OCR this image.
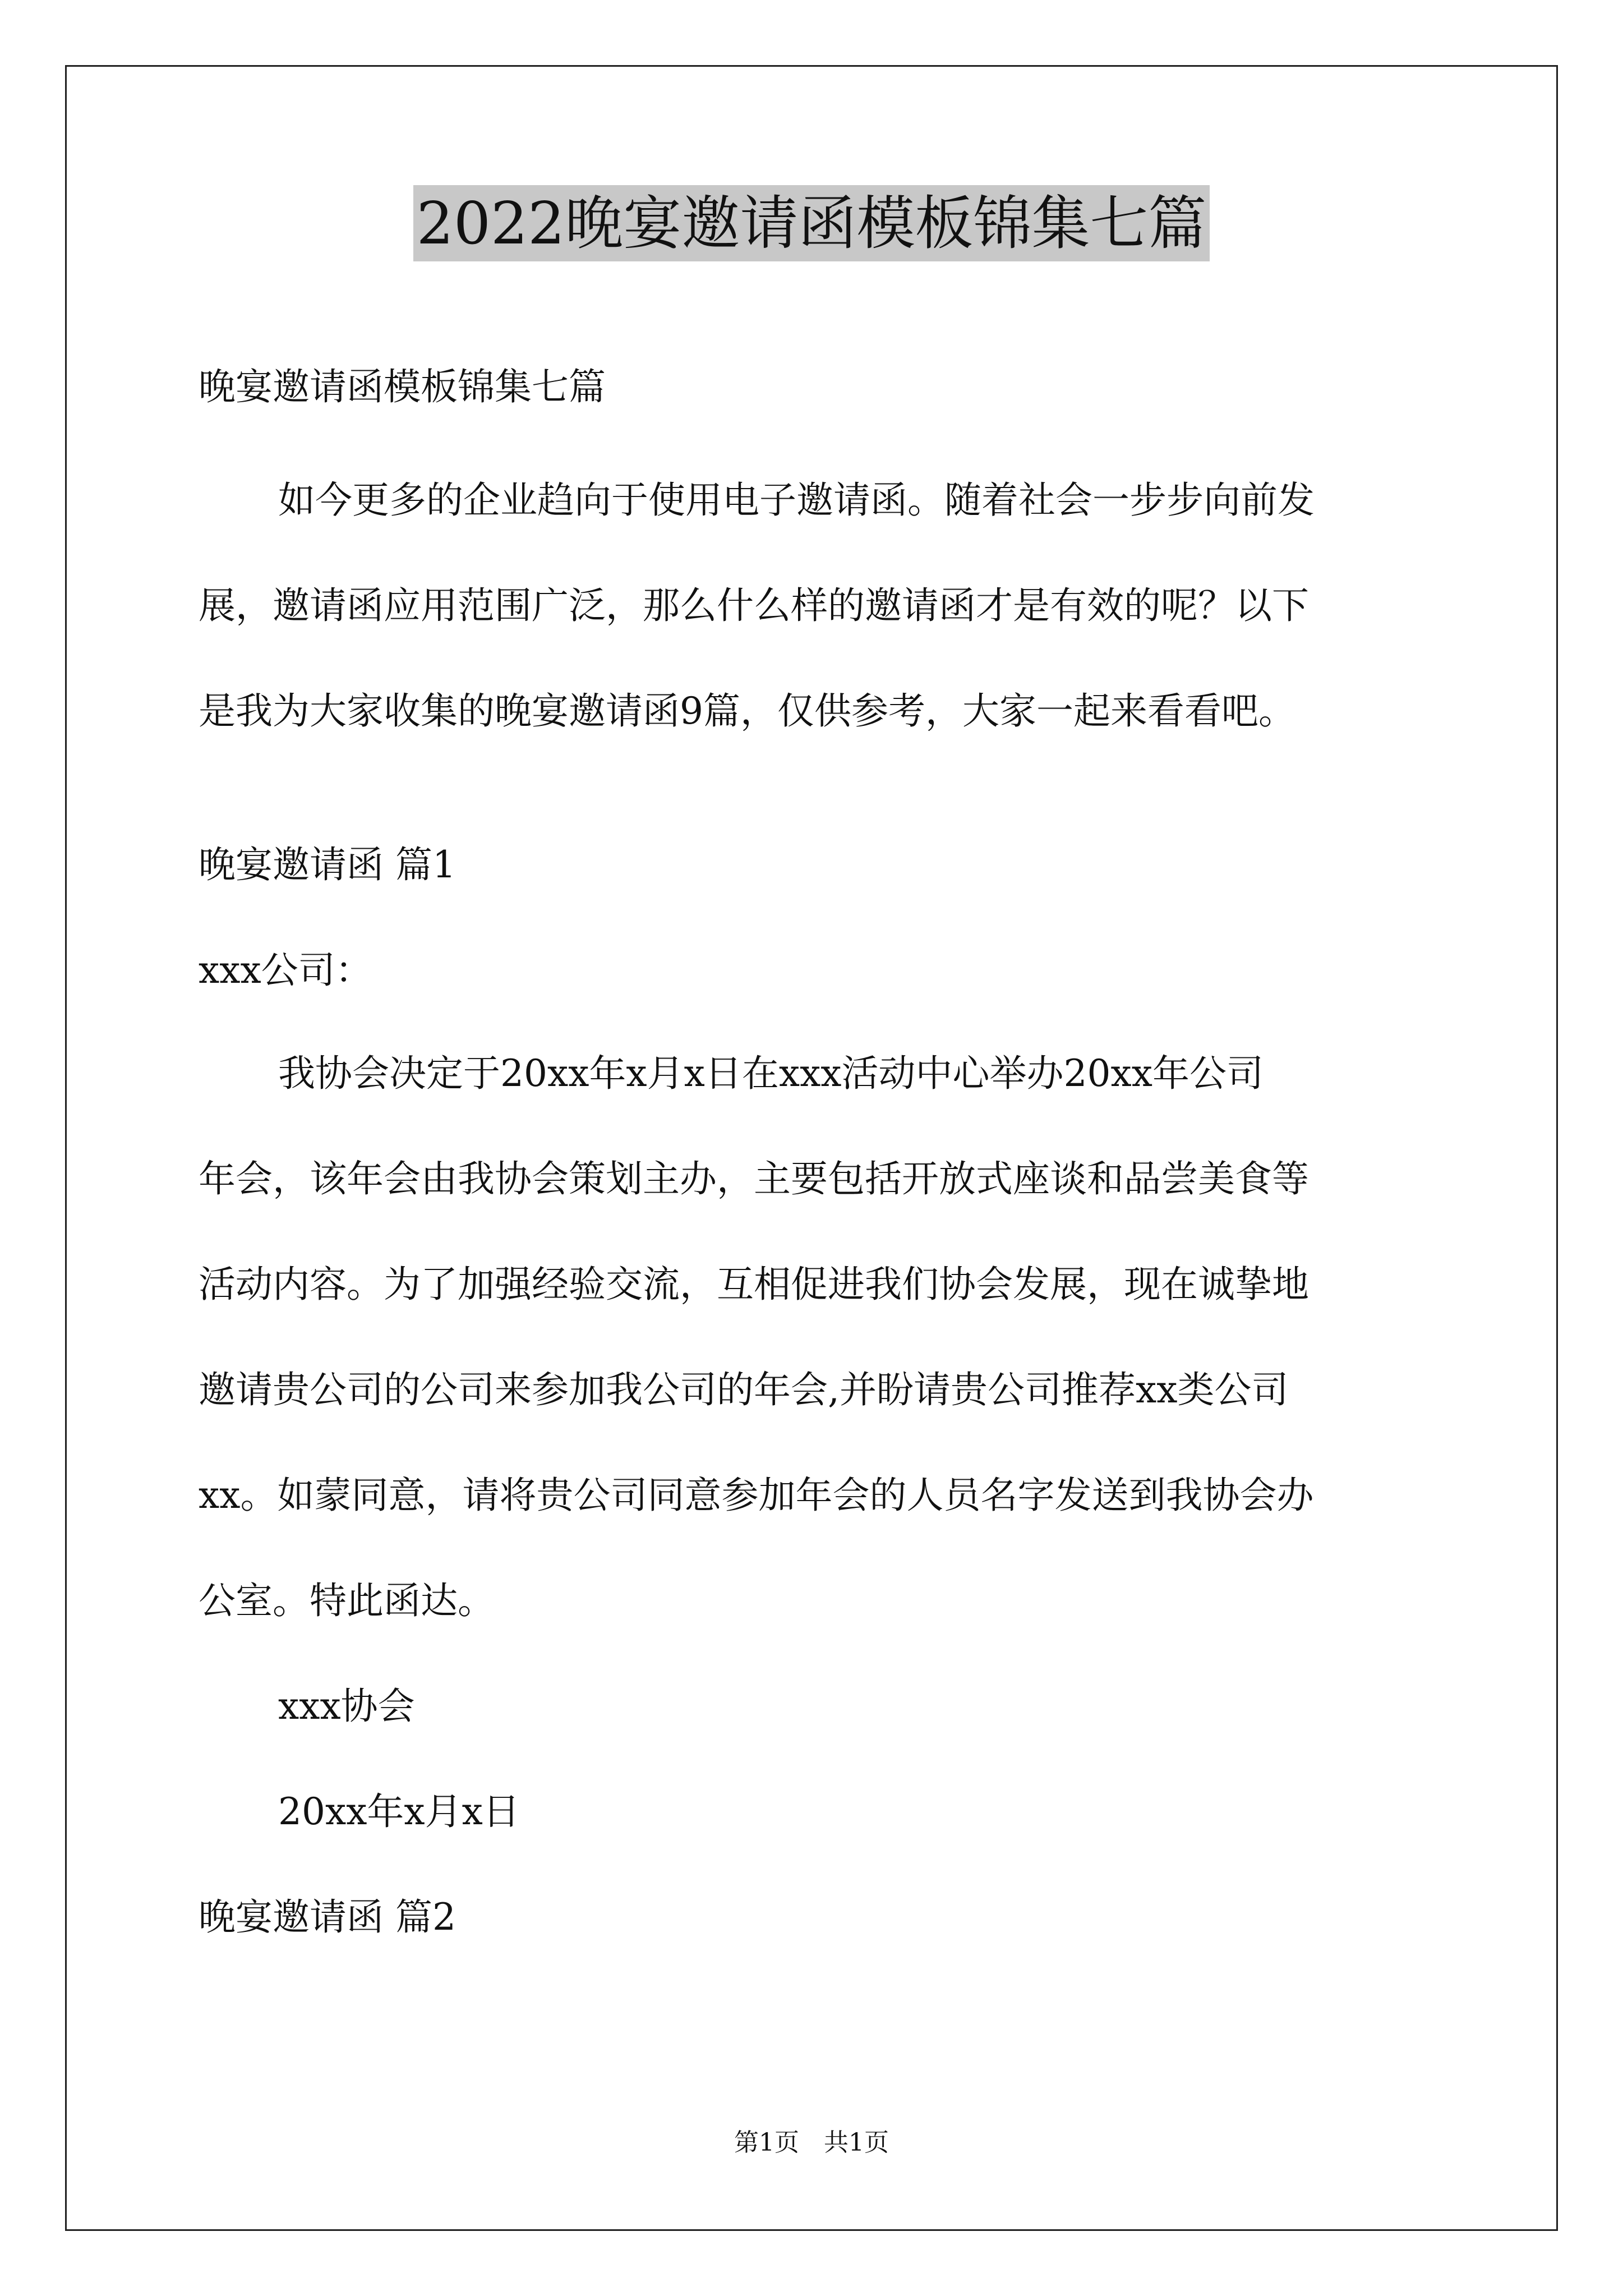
2022晚宴邀请函模板锦集七篇
晚宴邀请函模板锦集七篇
如今更多的企业趋向于使用电子邀请函。随着社会一步步向前发
展，邀请函应用范围广泛，那么什么样的邀请函才是有效的呢？以下
是我为大家收集的晚宴邀请函9篇，仅供参考，大家一起来看看吧。
晚宴邀请函 篇1
xxx公司：
我协会决定于20xx年x月x日在xxx活动中心举办20xx年公司
年会，该年会由我协会策划主办，主要包括开放式座谈和品尝美食等
活动内容。为了加强经验交流，互相促进我们协会发展，现在诚挚地
邀请贵公司的公司来参加我公司的年会,并盼请贵公司推荐xx类公司
xx。如蒙同意，请将贵公司同意参加年会的人员名字发送到我协会办
公室。特此函达。
xxx协会
20xx年x月x日
晚宴邀请函 篇2
第1页　共1页
